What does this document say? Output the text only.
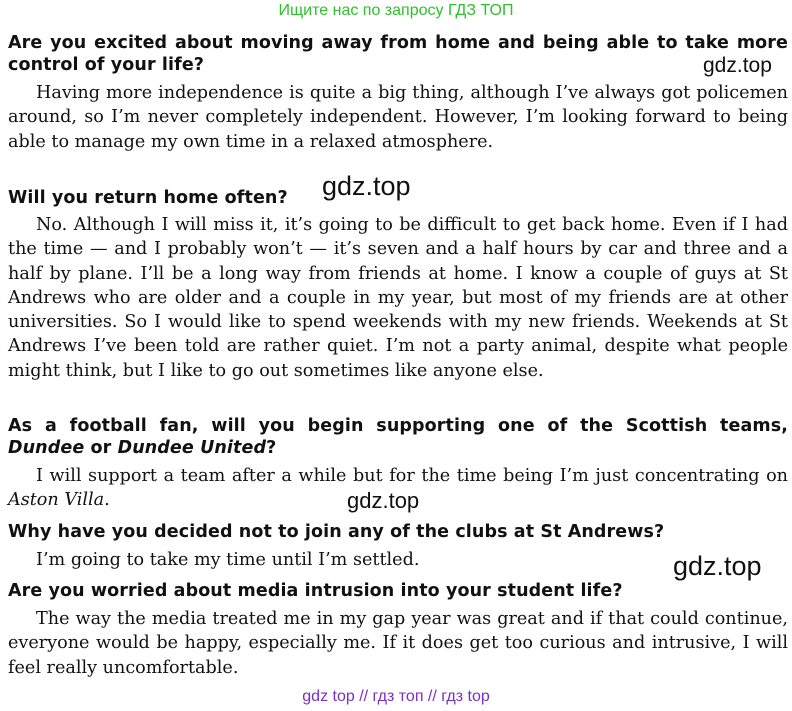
Ищите нас по запросу ГДЗ ТОП
Are you excited about moving away from home and being able to take more control of your life?	gdz.top
Having more independence is quite a big thing, although I’ve always got policemen around, so I’m never completely independent. However, I’m looking forward to being able to manage my own time in a relaxed atmosphere.
Will you return home often?	gdz.top
No. Although I will miss it, it’s going to be difficult to get back home. Even if I had the time — and I probably won’t — it’s seven and a half hours by car and three and a half by plane. I’ll be a long way from friends at home. I know a couple of guys at St Andrews who are older and a couple in my year, but most of my friends are at other universities. So I would like to spend weekends with my new friends. Weekends at St Andrews I’ve been told are rather quiet. I’m not a party animal, despite what people might think, but I like to go out sometimes like anyone else.
As a football fan, will you begin supporting one of the Scottish teams, Dundee or Dundee United?
I will support a team after a while but for the time being I’m just concentrating on Aston Villa.	gdz.top
Why have you decided not to join any of the clubs at St Andrews?
I’m going to take my time until I’m settled.	gdz.top
Are you worried about media intrusion into your student life?
The way the media treated me in my gap year was great and if that could continue, everyone would be happy, especially me. If it does get too curious and intrusive, I will feel really uncomfortable.
gdz top // гдз топ // гдз top
